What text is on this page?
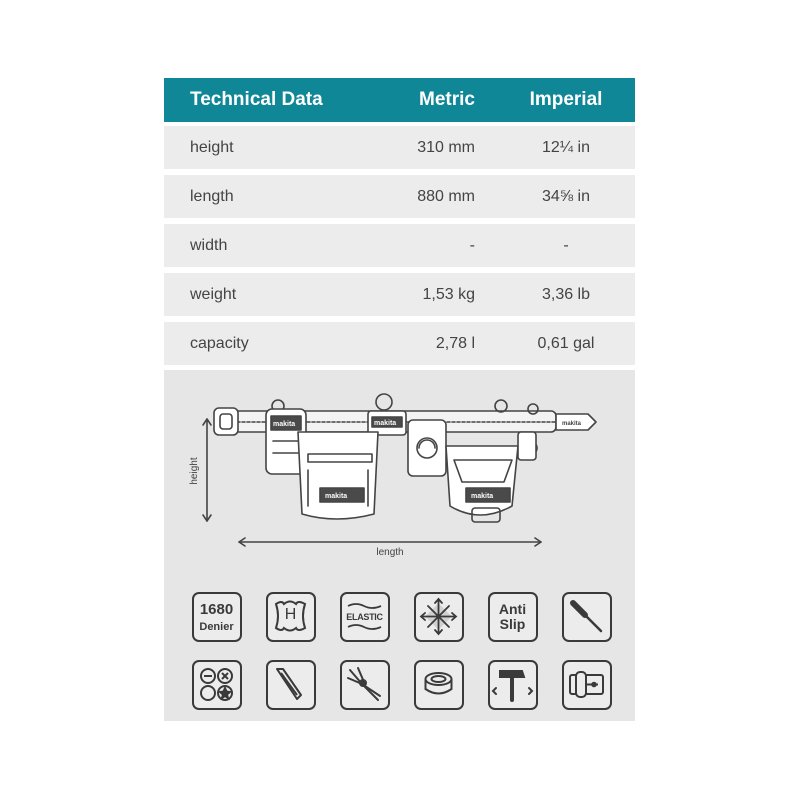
Technical Data	Metric	Imperial
height	310 mm	12¼ in
length	880 mm	34⅝ in
width	-	-
weight	1,53 kg	3,36 lb
capacity	2,78 l	0,61 gal
makita	makita
makita	makita
makita
height
length
1680
Denier
H	ELASTIC	Anti
Slip
